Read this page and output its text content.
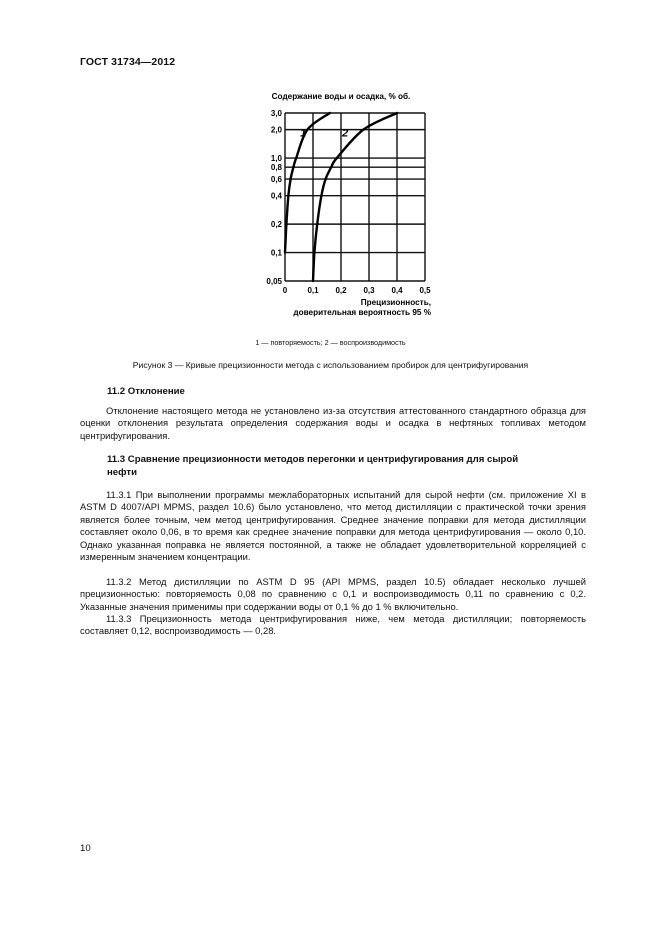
ГОСТ 31734—2012
Содержание воды и осадка, % об.
0	0,1 0,2 0,3 0,4 0,5
0,05
0,1
0,2
0,4
0,6
0,8
1,0
2,0
3,0
1	2
Прецизионность,
доверительная вероятность 95 %
1 — повторяемость; 2 — воспроизводимость
Рисунок 3 — Кривые прецизионности метода с использованием пробирок для центрифугирования
11.2 Отклонение
Отклонение настоящего метода не установлено из-за отсутствия аттестованного стандартного образца для оценки отклонения результата определения содержания воды и осадка в нефтяных топливах методом центрифугирования.
11.3 Сравнение прецизионности методов перегонки и центрифугирования для сырой нефти
11.3.1 При выполнении программы межлабораторных испытаний для сырой нефти (см. приложение XI в ASTM D 4007/API MPMS, раздел 10.6) было установлено, что метод дистилляции с практической точки зрения является более точным, чем метод центрифугирования. Среднее значение поправки для метода дистилляции составляет около 0,06, в то время как среднее значение поправки для метода центрифугирования — около 0,10. Однако указанная поправка не является постоянной, а также не обладает удовлетворительной корреляцией с измеренным значением концентрации.
11.3.2 Метод дистилляции по ASTM D 95 (API MPMS, раздел 10.5) обладает несколько лучшей прецизионностью: повторяемость 0,08 по сравнению с 0,1 и воспроизводимость 0,11 по сравнению с 0,2. Указанные значения применимы при содержании воды от 0,1 % до 1 % включительно.
11.3.3 Прецизионность метода центрифугирования ниже, чем метода дистилляции; повторяемость составляет 0,12, воспроизводимость — 0,28.
10
